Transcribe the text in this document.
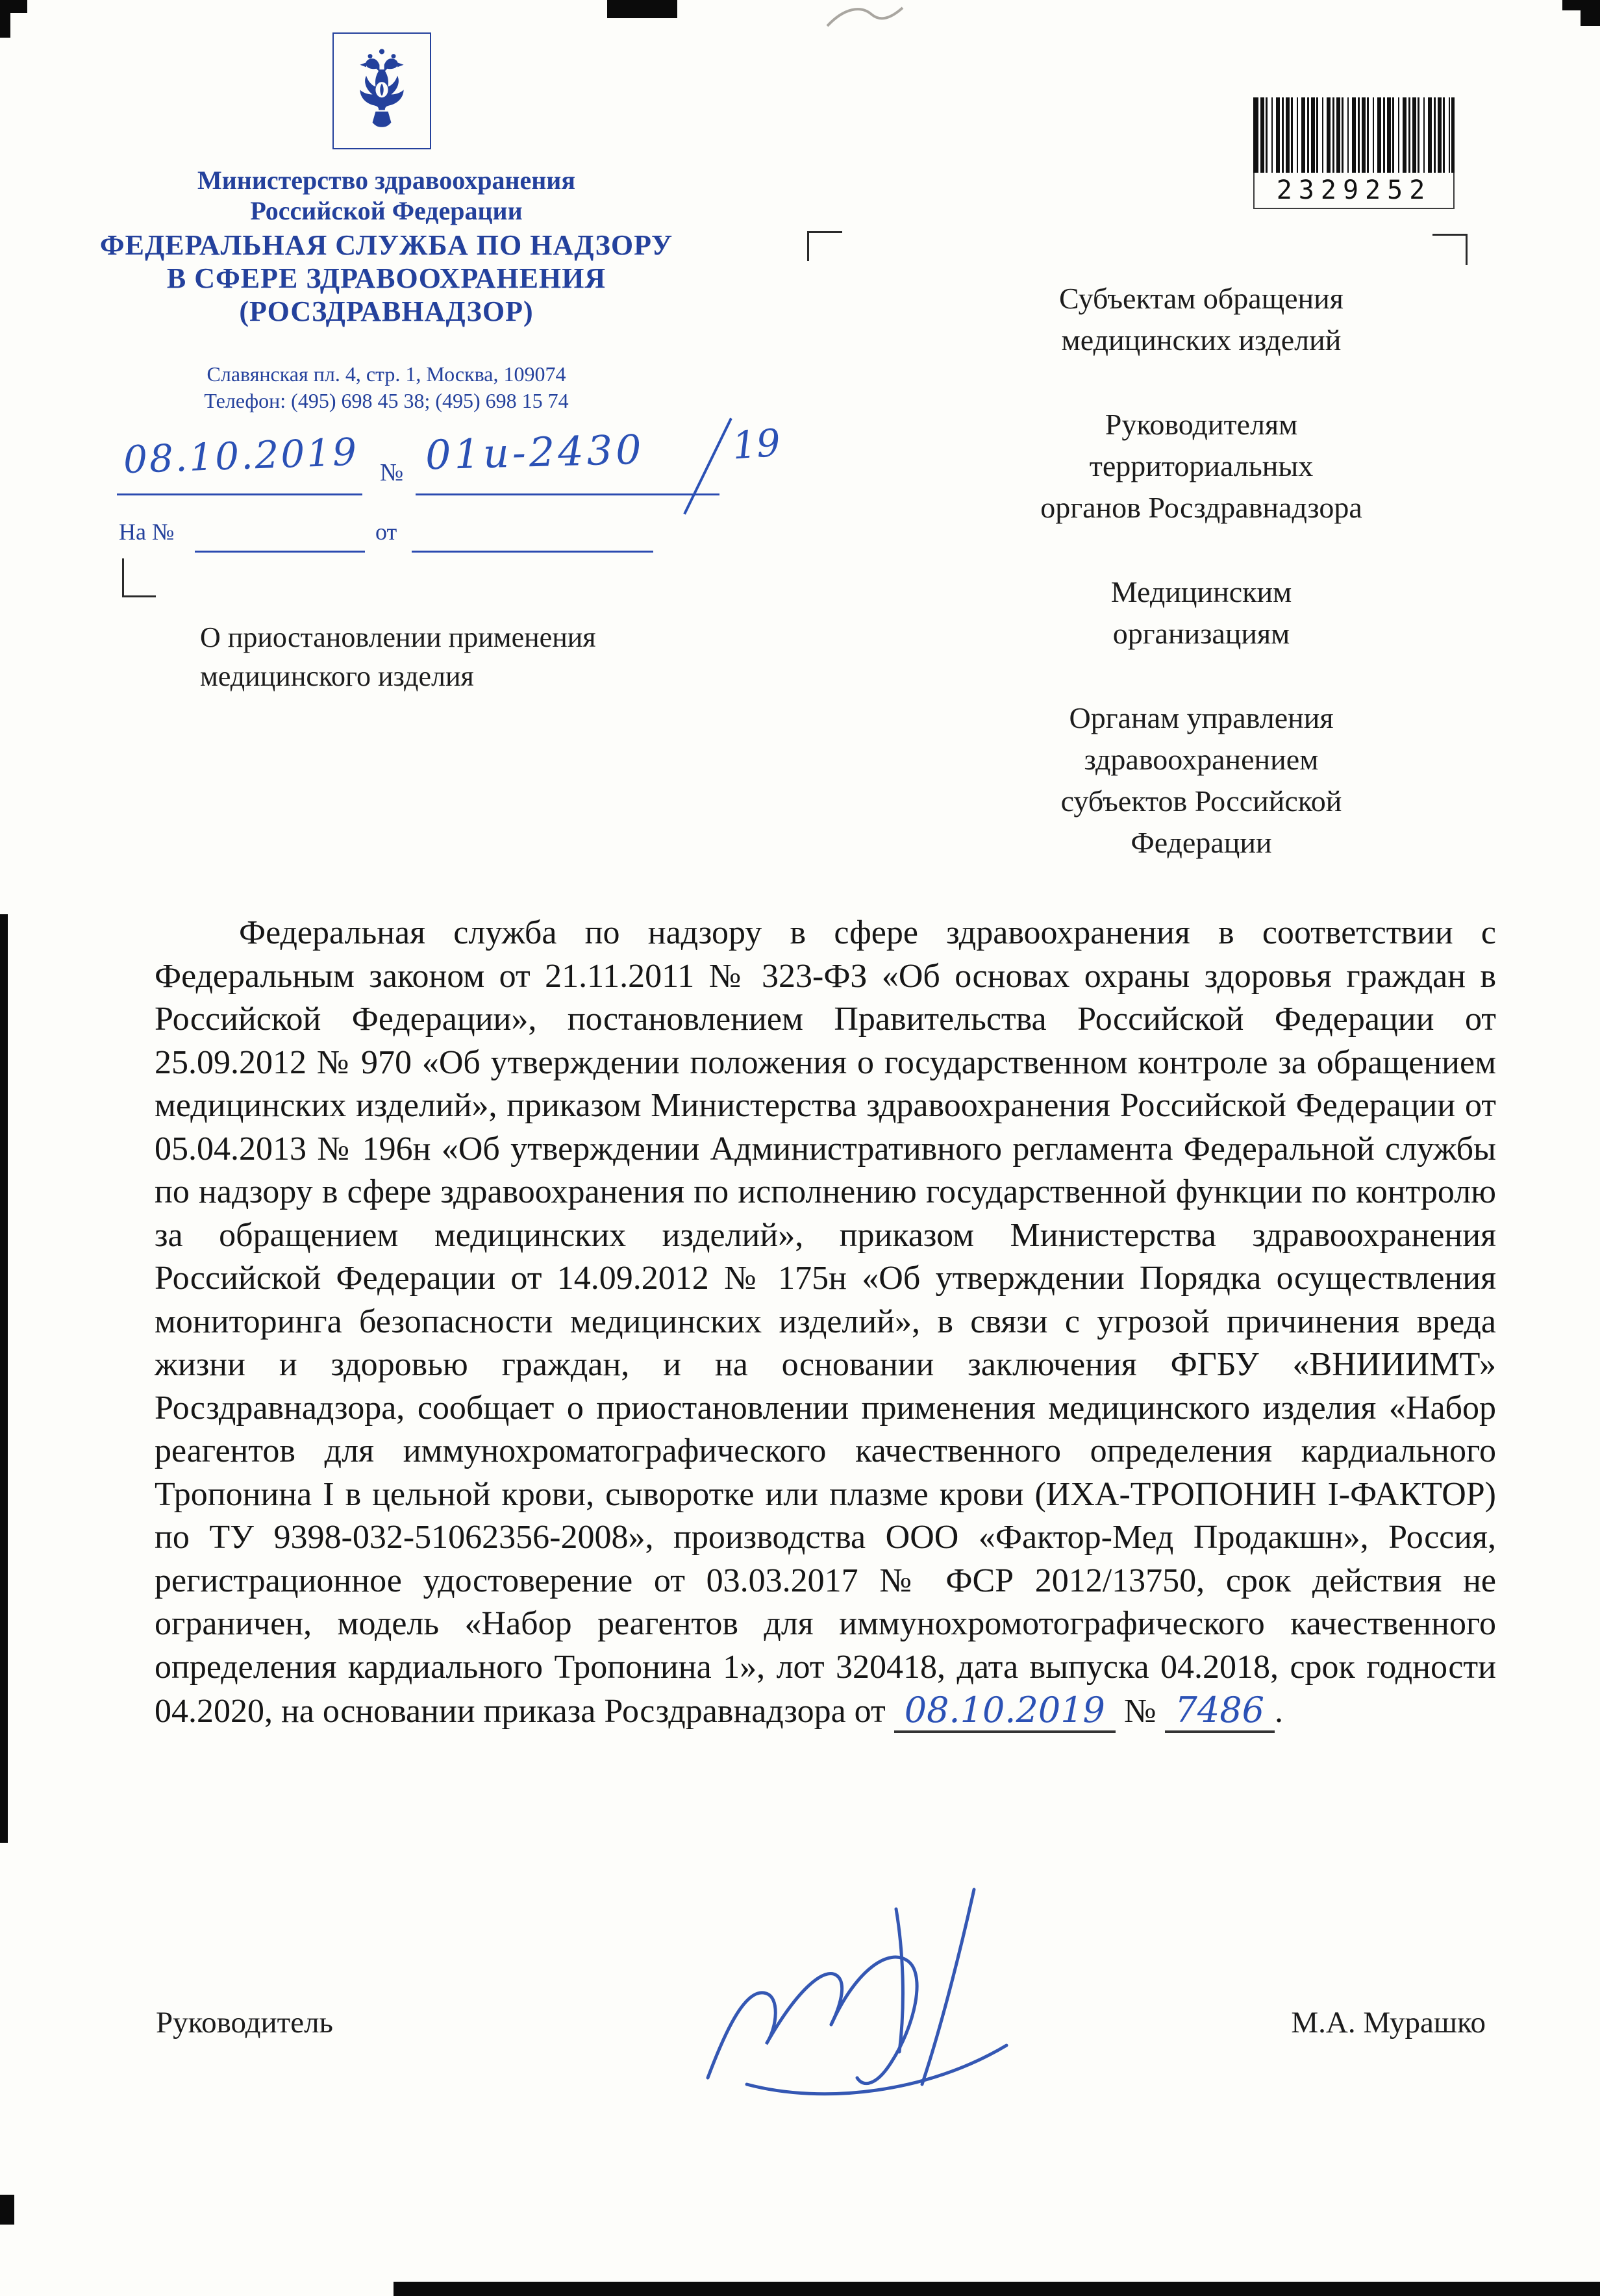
Министерство здравоохранения
Российской Федерации
ФЕДЕРАЛЬНАЯ СЛУЖБА ПО НАДЗОРУ
В СФЕРЕ ЗДРАВООХРАНЕНИЯ
(РОСЗДРАВНАДЗОР)
Славянская пл. 4, стр. 1, Москва, 109074
Телефон: (495) 698 45 38; (495) 698 15 74
08.10.2019 № 01и-2430 19
На №	от
2329252
Субъектам обращения
медицинских изделий
Руководителям
территориальных
органов Росздравнадзора
Медицинским
организациям
Органам управления
здравоохранением
субъектов Российской
Федерации
О приостановлении применения
медицинского изделия

Федеральная служба по надзору в сфере здравоохранения в соответствии с Федеральным законом от 21.11.2011 № 323-ФЗ «Об основах охраны здоровья граждан в Российской Федерации», постановлением Правительства Российской Федерации от 25.09.2012 № 970 «Об утверждении положения о государственном контроле за обращением медицинских изделий», приказом Министерства здравоохранения Российской Федерации от 05.04.2013 № 196н «Об утверждении Административного регламента Федеральной службы по надзору в сфере здравоохранения по исполнению государственной функции по контролю за обращением медицинских изделий», приказом Министерства здравоохранения Российской Федерации от 14.09.2012 № 175н «Об утверждении Порядка осуществления мониторинга безопасности медицинских изделий», в связи с угрозой причинения вреда жизни и здоровью граждан, и на основании заключения ФГБУ «ВНИИИМТ» Росздравнадзора, сообщает о приостановлении применения медицинского изделия «Набор реагентов для иммунохроматографического качественного определения кардиального Тропонина I в цельной крови, сыворотке или плазме крови (ИХА-ТРОПОНИН I-ФАКТОР) по ТУ 9398-032-51062356-2008», производства ООО «Фактор-Мед Продакшн», Россия, регистрационное удостоверение от 03.03.2017 № ФСР 2012/13750, срок действия не ограничен, модель «Набор реагентов для иммунохромотографического качественного определения кардиального Тропонина 1», лот 320418, дата выпуска 04.2018, срок годности 04.2020, на основании приказа Росздравнадзора от 08.10.2019 № 7486 .

Руководитель	М.А. Мурашко
